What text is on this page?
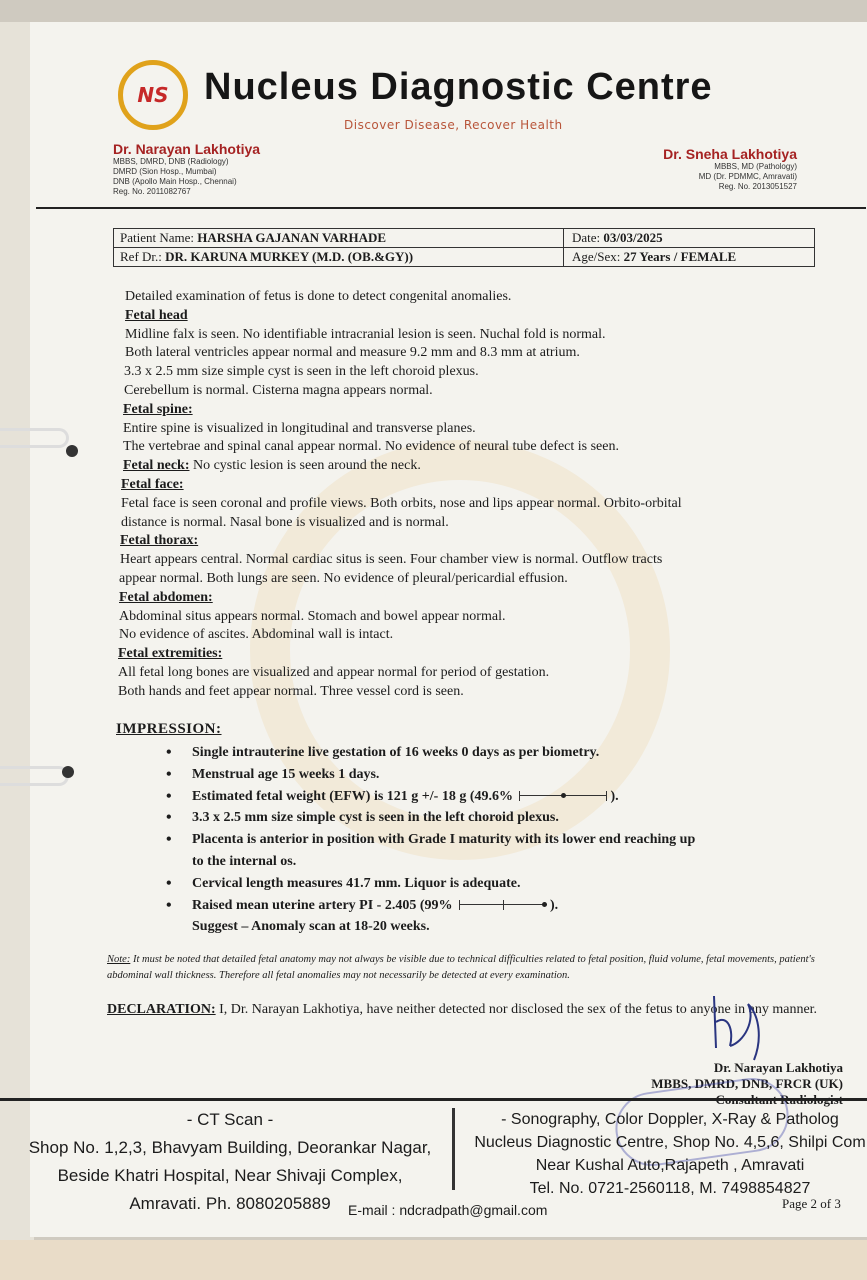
NS Nucleus Diagnostic Centre
Discover Disease, Recover Health
Dr. Narayan Lakhotiya
MBBS, DMRD, DNB (Radiology)
DMRD (Sion Hosp., Mumbai)
DNB (Apollo Main Hosp., Chennai)
Reg. No. 2011082767
Dr. Sneha Lakhotiya
MBBS, MD (Pathology)
MD (Dr. PDMMC, Amravati)
Reg. No. 2013051527
Patient Name: HARSHA GAJANAN VARHADE	Date: 03/03/2025
Ref Dr.: DR. KARUNA MURKEY (M.D. (OB.&GY))	Age/Sex: 27 Years / FEMALE

Detailed examination of fetus is done to detect congenital anomalies.

Fetal head

Midline falx is seen. No identifiable intracranial lesion is seen. Nuchal fold is normal.

Both lateral ventricles appear normal and measure 9.2 mm and 8.3 mm at atrium.

3.3 x 2.5 mm size simple cyst is seen in the left choroid plexus.

Cerebellum is normal. Cisterna magna appears normal.

Fetal spine:

Entire spine is visualized in longitudinal and transverse planes.

The vertebrae and spinal canal appear normal. No evidence of neural tube defect is seen.

Fetal neck: No cystic lesion is seen around the neck.

Fetal face:

Fetal face is seen coronal and profile views. Both orbits, nose and lips appear normal. Orbito-orbital

distance is normal. Nasal bone is visualized and is normal.

Fetal thorax:

Heart appears central. Normal cardiac situs is seen. Four chamber view is normal. Outflow tracts

appear normal. Both lungs are seen. No evidence of pleural/pericardial effusion.

Fetal abdomen:

Abdominal situs appears normal. Stomach and bowel appear normal.

No evidence of ascites. Abdominal wall is intact.

Fetal extremities:

All fetal long bones are visualized and appear normal for period of gestation.

Both hands and feet appear normal. Three vessel cord is seen.

IMPRESSION:
• Single intrauterine live gestation of 16 weeks 0 days as per biometry.
• Menstrual age 15 weeks 1 days.
• Estimated fetal weight (EFW) is 121 g +/- 18 g (49.6%	).
• 3.3 x 2.5 mm size simple cyst is seen in the left choroid plexus.
• Placenta is anterior in position with Grade I maturity with its lower end reaching up
to the internal os.
• Cervical length measures 41.7 mm. Liquor is adequate.
• Raised mean uterine artery PI - 2.405 (99%	).
Suggest – Anomaly scan at 18-20 weeks.
Note: It must be noted that detailed fetal anatomy may not always be visible due to technical difficulties related to fetal position, fluid volume, fetal movements, patient's abdominal wall thickness. Therefore all fetal anomalies may not necessarily be detected at every examination.
DECLARATION: I, Dr. Narayan Lakhotiya, have neither detected nor disclosed the sex of the fetus to anyone in any manner.
Dr. Narayan Lakhotiya
MBBS, DMRD, DNB, FRCR (UK)
- CT Scan -
Shop No. 1,2,3, Bhavyam Building, Deorankar Nagar,
Beside Khatri Hospital, Near Shivaji Complex,
Amravati. Ph. 8080205889
- Sonography, Color Doppler, X-Ray & Patholog
Nucleus Diagnostic Centre, Shop No. 4,5,6, Shilpi Com
Near Kushal Auto,Rajapeth , Amravati
Tel. No. 0721-2560118, M. 7498854827
E-mail : ndcradpath@gmail.com	Page 2 of 3
